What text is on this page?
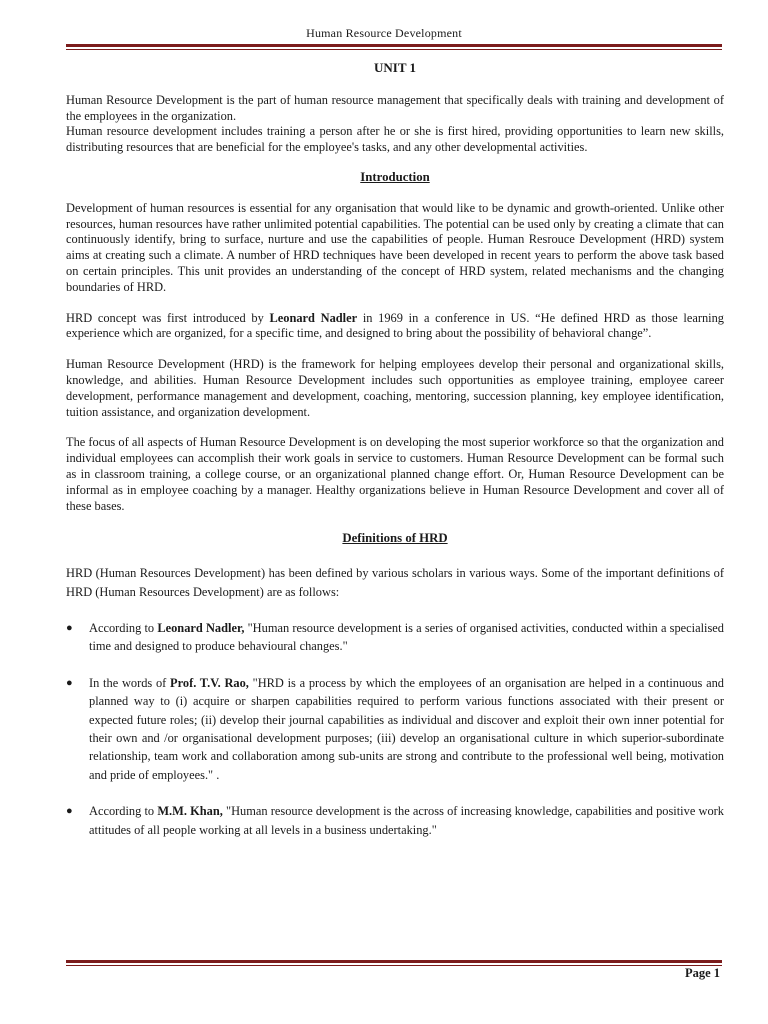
Human Resource Development
UNIT 1

Human Resource Development is the part of human resource management that specifically deals with training and development of the employees in the organization.

Human resource development includes training a person after he or she is first hired, providing opportunities to learn new skills, distributing resources that are beneficial for the employee's tasks, and any other developmental activities.

Introduction

Development of human resources is essential for any organisation that would like to be dynamic and growth-oriented. Unlike other resources, human resources have rather unlimited potential capabilities. The potential can be used only by creating a climate that can continuously identify, bring to surface, nurture and use the capabilities of people. Human Resrouce Development (HRD) system aims at creating such a climate. A number of HRD techniques have been developed in recent years to perform the above task based on certain principles. This unit provides an understanding of the concept of HRD system, related mechanisms and the changing boundaries of HRD.

HRD concept was first introduced by Leonard Nadler in 1969 in a conference in US. “He defined HRD as those learning experience which are organized, for a specific time, and designed to bring about the possibility of behavioral change”.

Human Resource Development (HRD) is the framework for helping employees develop their personal and organizational skills, knowledge, and abilities. Human Resource Development includes such opportunities as employee training, employee career development, performance management and development, coaching, mentoring, succession planning, key employee identification, tuition assistance, and organization development.

The focus of all aspects of Human Resource Development is on developing the most superior workforce so that the organization and individual employees can accomplish their work goals in service to customers. Human Resource Development can be formal such as in classroom training, a college course, or an organizational planned change effort. Or, Human Resource Development can be informal as in employee coaching by a manager. Healthy organizations believe in Human Resource Development and cover all of these bases.

Definitions of HRD

HRD (Human Resources Development) has been defined by various scholars in various ways. Some of the important definitions of HRD (Human Resources Development) are as follows:

● According to Leonard Nadler, "Human resource development is a series of organised activities, conducted within a specialised time and designed to produce behavioural changes."
● In the words of Prof. T.V. Rao, "HRD is a process by which the employees of an organisation are helped in a continuous and planned way to (i) acquire or sharpen capabilities required to perform various functions associated with their present or expected future roles; (ii) develop their journal capabilities as individual and discover and exploit their own inner potential for their own and /or organisational development purposes; (iii) develop an organisational culture in which superior-subordinate relationship, team work and collaboration among sub-units are strong and contribute to the professional well being, motivation and pride of employees." .
● According to M.M. Khan, "Human resource development is the across of increasing knowledge, capabilities and positive work attitudes of all people working at all levels in a business undertaking."
Page 1
